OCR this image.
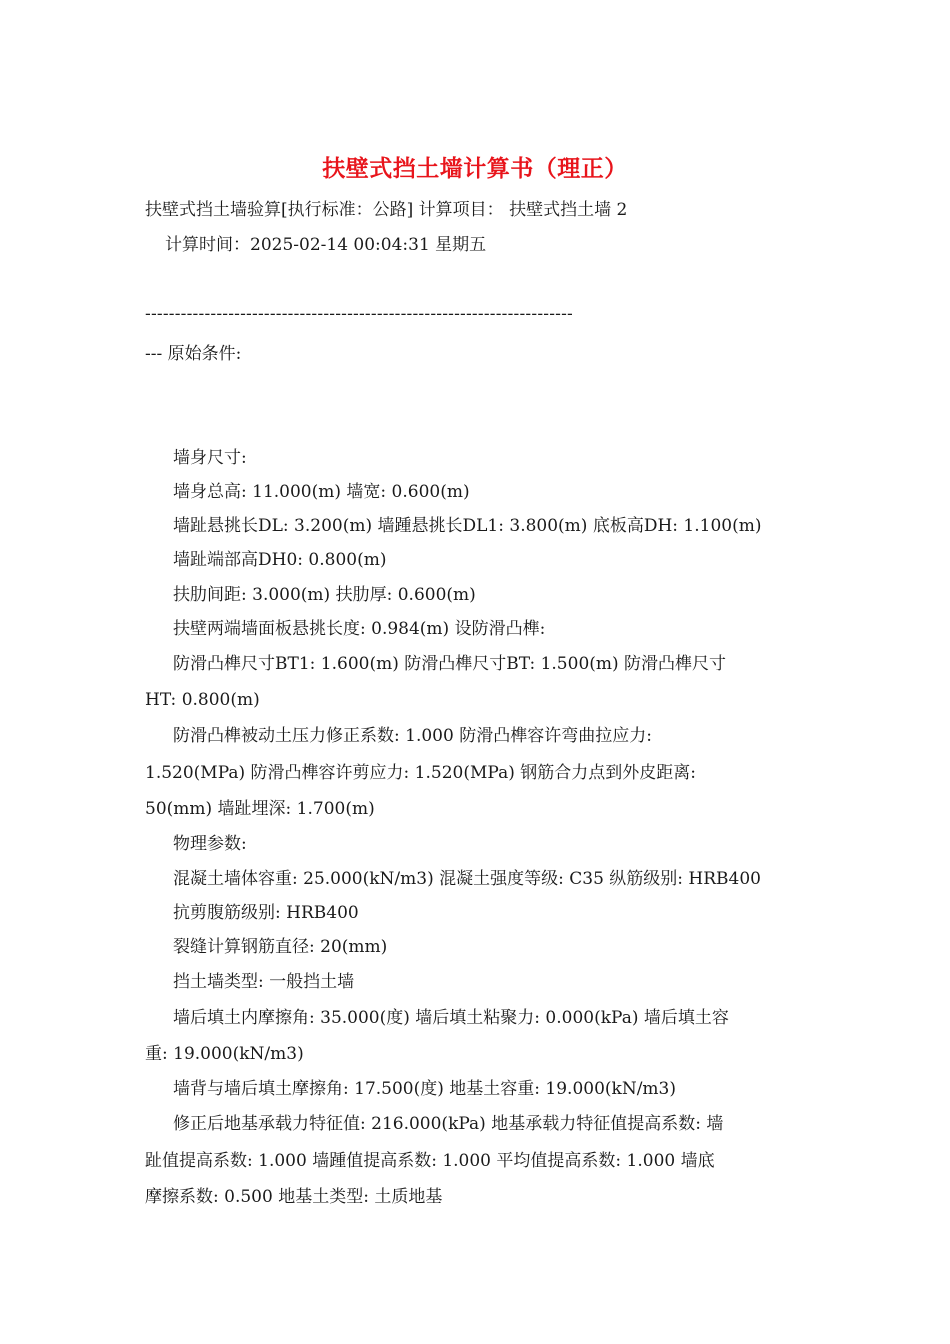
扶壁式挡土墙计算书（理正）
扶壁式挡土墙验算[执行标准：公路] 计算项目： 扶壁式挡土墙 2
计算时间：2025-02-14 00:04:31 星期五
------------------------------------------------------------------------
--- 原始条件:
墙身尺寸:
墙身总高: 11.000(m) 墙宽: 0.600(m)
墙趾悬挑长DL: 3.200(m) 墙踵悬挑长DL1: 3.800(m) 底板高DH: 1.100(m)
墙趾端部高DH0: 0.800(m)
扶肋间距: 3.000(m) 扶肋厚: 0.600(m)
扶壁两端墙面板悬挑长度: 0.984(m) 设防滑凸榫:
防滑凸榫尺寸BT1: 1.600(m) 防滑凸榫尺寸BT: 1.500(m) 防滑凸榫尺寸
HT: 0.800(m)
防滑凸榫被动土压力修正系数: 1.000 防滑凸榫容许弯曲拉应力:
1.520(MPa) 防滑凸榫容许剪应力: 1.520(MPa) 钢筋合力点到外皮距离:
50(mm) 墙趾埋深: 1.700(m)
物理参数:
混凝土墙体容重: 25.000(kN/m3) 混凝土强度等级: C35 纵筋级别: HRB400
抗剪腹筋级别: HRB400
裂缝计算钢筋直径: 20(mm)
挡土墙类型: 一般挡土墙
墙后填土内摩擦角: 35.000(度) 墙后填土粘聚力: 0.000(kPa) 墙后填土容
重: 19.000(kN/m3)
墙背与墙后填土摩擦角: 17.500(度) 地基土容重: 19.000(kN/m3)
修正后地基承载力特征值: 216.000(kPa) 地基承载力特征值提高系数: 墙
趾值提高系数: 1.000 墙踵值提高系数: 1.000 平均值提高系数: 1.000 墙底
摩擦系数: 0.500 地基土类型: 土质地基
